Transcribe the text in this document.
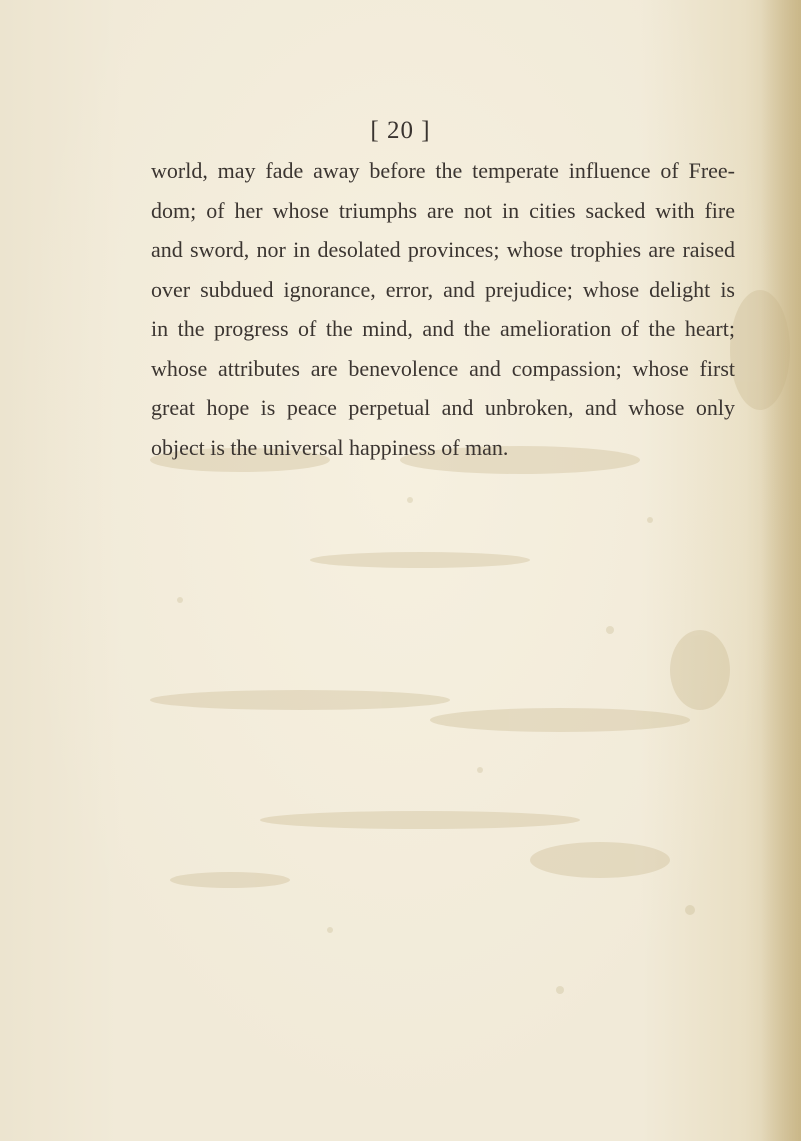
[ 20 ]
world, may fade away before the temperate influence of Free-
dom; of her whose triumphs are not in cities sacked with fire
and sword, nor in desolated provinces; whose trophies are raised
over subdued ignorance, error, and prejudice; whose delight is
in the progress of the mind, and the amelioration of the heart;
whose attributes are benevolence and compassion; whose first
great hope is peace perpetual and unbroken, and whose only
object is the universal happiness of man.
